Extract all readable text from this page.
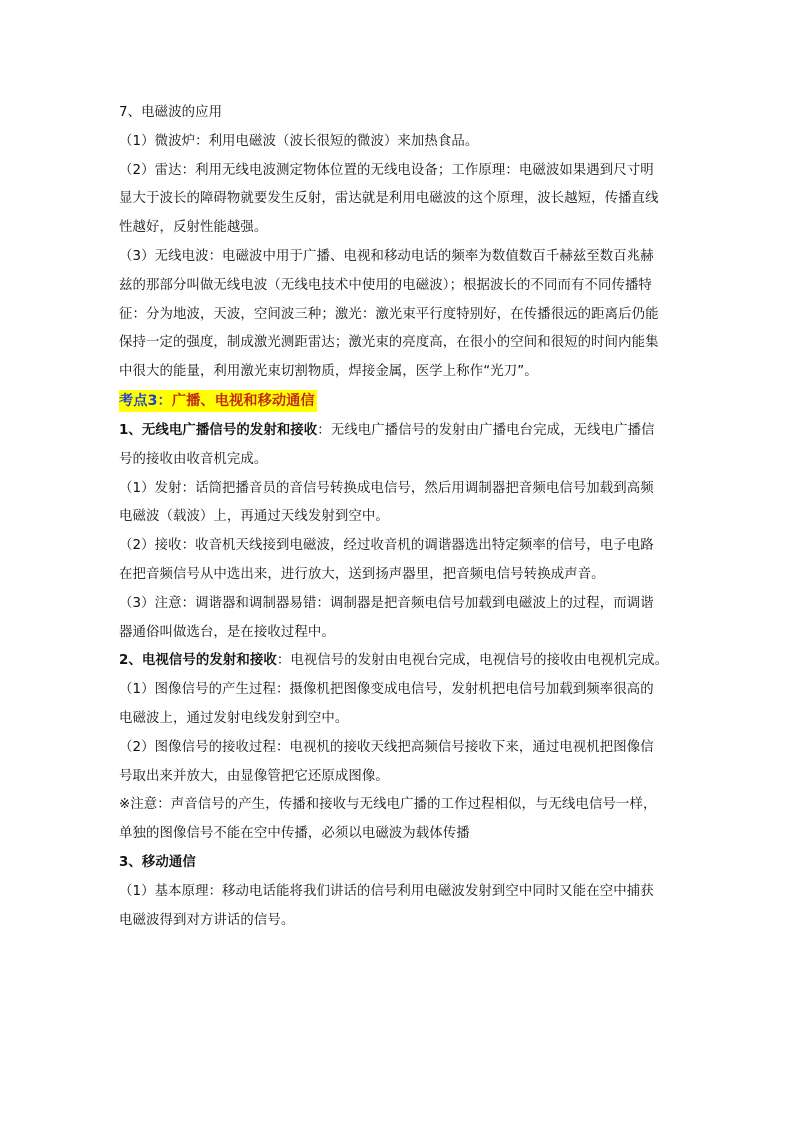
7、电磁波的应用
（1）微波炉：利用电磁波（波长很短的微波）来加热食品。
（2）雷达：利用无线电波测定物体位置的无线电设备；工作原理：电磁波如果遇到尺寸明
显大于波长的障碍物就要发生反射，雷达就是利用电磁波的这个原理，波长越短，传播直线
性越好，反射性能越强。
（3）无线电波：电磁波中用于广播、电视和移动电话的频率为数值数百千赫兹至数百兆赫
兹的那部分叫做无线电波（无线电技术中使用的电磁波）；根据波长的不同而有不同传播特
征：分为地波，天波，空间波三种；激光：激光束平行度特别好，在传播很远的距离后仍能
保持一定的强度，制成激光测距雷达；激光束的亮度高，在很小的空间和很短的时间内能集
中很大的能量，利用激光束切割物质，焊接金属，医学上称作“光刀”。
考点3：广播、电视和移动通信
1、无线电广播信号的发射和接收：无线电广播信号的发射由广播电台完成，无线电广播信
号的接收由收音机完成。
（1）发射：话筒把播音员的音信号转换成电信号，然后用调制器把音频电信号加载到高频
电磁波（载波）上，再通过天线发射到空中。
（2）接收：收音机天线接到电磁波，经过收音机的调谐器选出特定频率的信号，电子电路
在把音频信号从中选出来，进行放大，送到扬声器里，把音频电信号转换成声音。
（3）注意：调谐器和调制器易错：调制器是把音频电信号加载到电磁波上的过程，而调谐
器通俗叫做选台，是在接收过程中。
2、电视信号的发射和接收：电视信号的发射由电视台完成，电视信号的接收由电视机完成。
（1）图像信号的产生过程：摄像机把图像变成电信号，发射机把电信号加载到频率很高的
电磁波上，通过发射电线发射到空中。
（2）图像信号的接收过程：电视机的接收天线把高频信号接收下来，通过电视机把图像信
号取出来并放大，由显像管把它还原成图像。
※注意：声音信号的产生，传播和接收与无线电广播的工作过程相似，与无线电信号一样，
单独的图像信号不能在空中传播，必须以电磁波为载体传播
3、移动通信
（1）基本原理：移动电话能将我们讲话的信号利用电磁波发射到空中同时又能在空中捕获
电磁波得到对方讲话的信号。
